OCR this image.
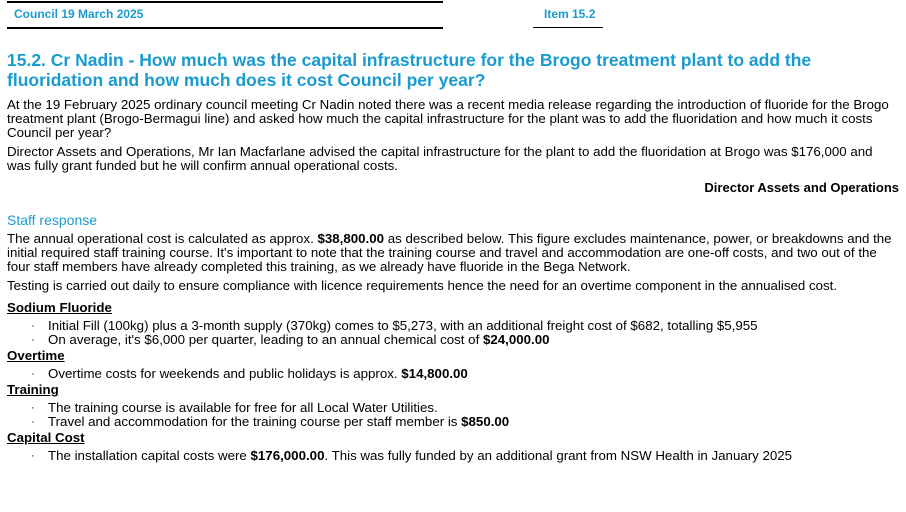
Council 19 March 2025	Item 15.2
15.2. Cr Nadin - How much was the capital infrastructure for the Brogo treatment plant to add the fluoridation and how much does it cost Council per year?

At the 19 February 2025 ordinary council meeting Cr Nadin noted there was a recent media release regarding the introduction of fluoride for the Brogo treatment plant (Brogo-Bermagui line) and asked how much the capital infrastructure for the plant was to add the fluoridation and how much it costs Council per year?

Director Assets and Operations, Mr Ian Macfarlane advised the capital infrastructure for the plant to add the fluoridation at Brogo was $176,000 and was fully grant funded but he will confirm annual operational costs.

Director Assets and Operations
Staff response

The annual operational cost is calculated as approx. $38,800.00 as described below. This figure excludes maintenance, power, or breakdowns and the initial required staff training course. It's important to note that the training course and travel and accommodation are one-off costs, and two out of the four staff members have already completed this training, as we already have fluoride in the Bega Network.

Testing is carried out daily to ensure compliance with licence requirements hence the need for an overtime component in the annualised cost.

Sodium Fluoride
· Initial Fill (100kg) plus a 3-month supply (370kg) comes to $5,273, with an additional freight cost of $682, totalling $5,955
· On average, it's $6,000 per quarter, leading to an annual chemical cost of $24,000.00
Overtime
· Overtime costs for weekends and public holidays is approx. $14,800.00
Training
· The training course is available for free for all Local Water Utilities.
· Travel and accommodation for the training course per staff member is $850.00
Capital Cost
· The installation capital costs were $176,000.00. This was fully funded by an additional grant from NSW Health in January 2025
